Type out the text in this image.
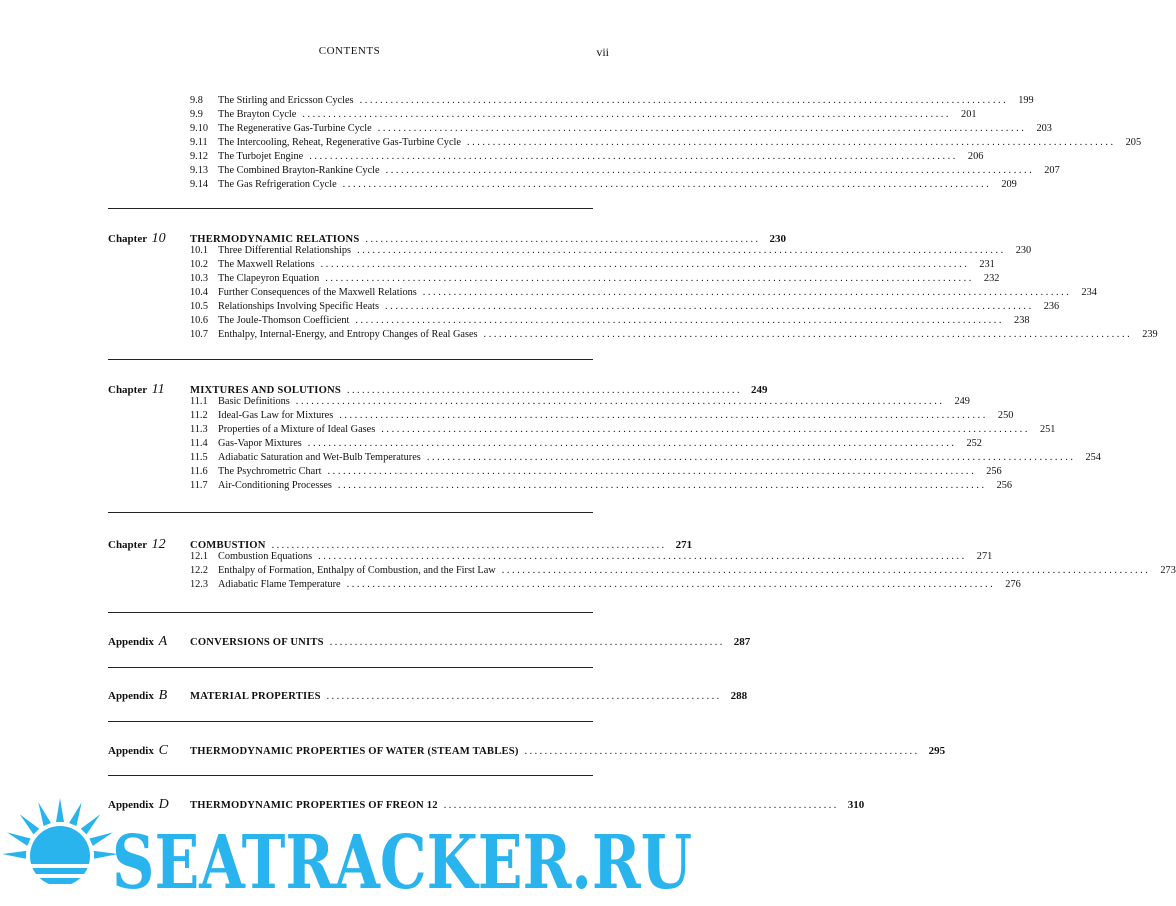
CONTENTS	vii
9.8	The Stirling and Ericsson Cycles . . .	199
9.9	The Brayton Cycle . . .	201
9.10 The Regenerative Gas-Turbine Cycle . . .	203
9.11	The Intercooling, Reheat, Regenerative Gas-Turbine Cycle . . .	205
9.12 The Turbojet Engine . . .	206
9.13 The Combined Brayton-Rankine Cycle . . .	207
9.14 The Gas Refrigeration Cycle . . .	209
Chapter 10	THERMODYNAMIC RELATIONS . . .	230
10.1 Three Differential Relationships . . .	230
10.2 The Maxwell Relations . . .	231
10.3 The Clapeyron Equation . . .	232
10.4 Further Consequences of the Maxwell Relations . . .	234
10.5 Relationships Involving Specific Heats . . .	236
10.6 The Joule-Thomson Coefficient . . .	238
10.7 Enthalpy, Internal-Energy, and Entropy Changes of Real Gases . . .	239
Chapter 11	MIXTURES AND SOLUTIONS . . .	249
11.1	Basic Definitions . . .	249
11.2	Ideal-Gas Law for Mixtures . . .	250
11.3	Properties of a Mixture of Ideal Gases . . .	251
11.4	Gas-Vapor Mixtures . . .	252
11.5	Adiabatic Saturation and Wet-Bulb Temperatures . . .	254
11.6	The Psychrometric Chart . . .	256
11.7	Air-Conditioning Processes . . .	256
Chapter 12	COMBUSTION . . .	271
12.1 Combustion Equations . . .	271
12.2 Enthalpy of Formation, Enthalpy of Combustion, and the First Law . . .	273
12.3 Adiabatic Flame Temperature . . .	276
Appendix A	CONVERSIONS OF UNITS . . .	287
Appendix B	MATERIAL PROPERTIES . . .	288
Appendix C	THERMODYNAMIC PROPERTIES OF WATER (STEAM TABLES) . . .	295
Appendix D	THERMODYNAMIC PROPERTIES OF FREON 12 . . .	310
SEATRACKER.RU
